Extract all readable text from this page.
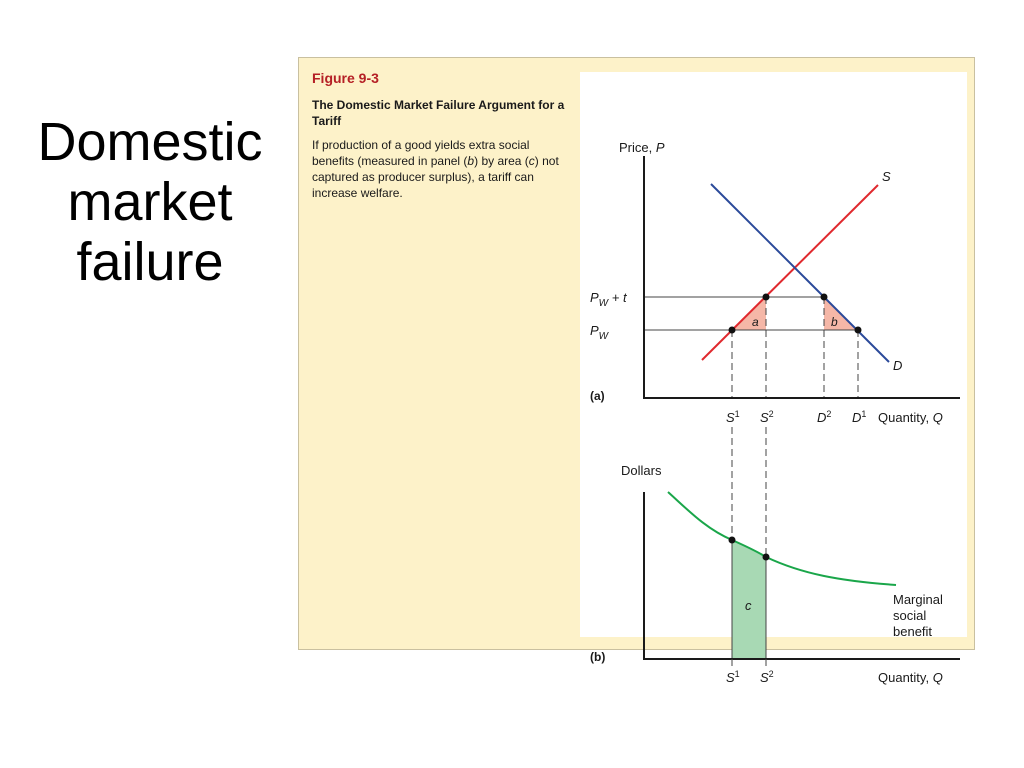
Domestic
market
failure
Figure 9-3
The Domestic Market Failure Argument for a Tariff
If production of a good yields extra social benefits (measured in panel (b) by area (c) not captured as producer surplus), a tariff can increase welfare.
Price, P
S
D
$P_W + t$
$P_W$
a	b
(a)
$S^1$ $S^2$	$D^2$ $D^1$ Quantity, Q
Dollars
Marginal
social
benefit
c
(b)
$S^1$ $S^2$	Quantity, Q
